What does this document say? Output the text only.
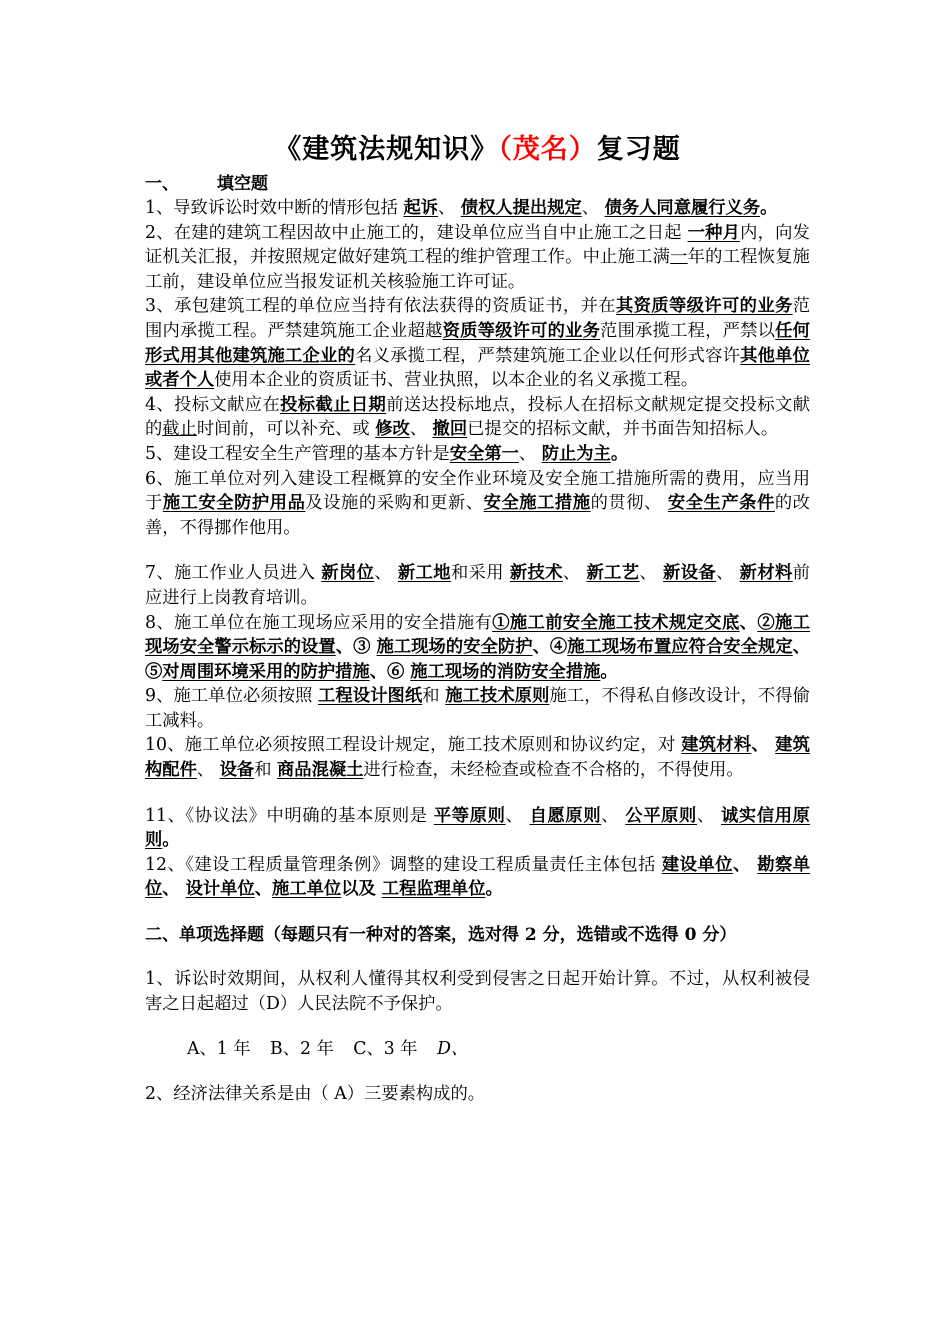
《建筑法规知识》（茂名）复习题
一、 填空题

1、导致诉讼时效中断的情形包括 起诉、 债权人提出规定、 债务人同意履行义务。

2、在建的建筑工程因故中止施工的，建设单位应当自中止施工之日起 一种月内，向发证机关汇报，并按照规定做好建筑工程的维护管理工作。中止施工满一年的工程恢复施工前，建设单位应当报发证机关核验施工许可证。

3、承包建筑工程的单位应当持有依法获得的资质证书，并在其资质等级许可的业务范围内承揽工程。严禁建筑施工企业超越资质等级许可的业务范围承揽工程，严禁以任何形式用其他建筑施工企业的名义承揽工程，严禁建筑施工企业以任何形式容许其他单位或者个人使用本企业的资质证书、营业执照，以本企业的名义承揽工程。

4、投标文献应在投标截止日期前送达投标地点，投标人在招标文献规定提交投标文献的截止时间前，可以补充、或 修改、 撤回已提交的招标文献，并书面告知招标人。

5、建设工程安全生产管理的基本方针是安全第一、 防止为主。

6、施工单位对列入建设工程概算的安全作业环境及安全施工措施所需的费用，应当用于施工安全防护用品及设施的采购和更新、安全施工措施的贯彻、 安全生产条件的改善，不得挪作他用。

7、施工作业人员进入 新岗位、 新工地和采用 新技术、 新工艺、 新设备、 新材料前应进行上岗教育培训。

8、施工单位在施工现场应采用的安全措施有①施工前安全施工技术规定交底、②施工现场安全警示标示的设置、③ 施工现场的安全防护、④施工现场布置应符合安全规定、 ⑤对周围环境采用的防护措施、⑥ 施工现场的消防安全措施。

9、施工单位必须按照 工程设计图纸和 施工技术原则施工，不得私自修改设计，不得偷工减料。

10、施工单位必须按照工程设计规定，施工技术原则和协议约定，对 建筑材料、 建筑构配件、 设备和 商品混凝土进行检查，未经检查或检查不合格的，不得使用。

11、《协议法》中明确的基本原则是 平等原则、 自愿原则、 公平原则、 诚实信用原则。

12、《建设工程质量管理条例》调整的建设工程质量责任主体包括 建设单位、 勘察单位、 设计单位、施工单位以及 工程监理单位。

二、单项选择题（每题只有一种对的答案，选对得 2 分，选错或不选得 0 分）

1、诉讼时效期间，从权利人懂得其权利受到侵害之日起开始计算。不过，从权利被侵害之日起超过（D）人民法院不予保护。

A、1 年 B、2 年 C、3 年 D、

2、经济法律关系是由（ A）三要素构成的。
